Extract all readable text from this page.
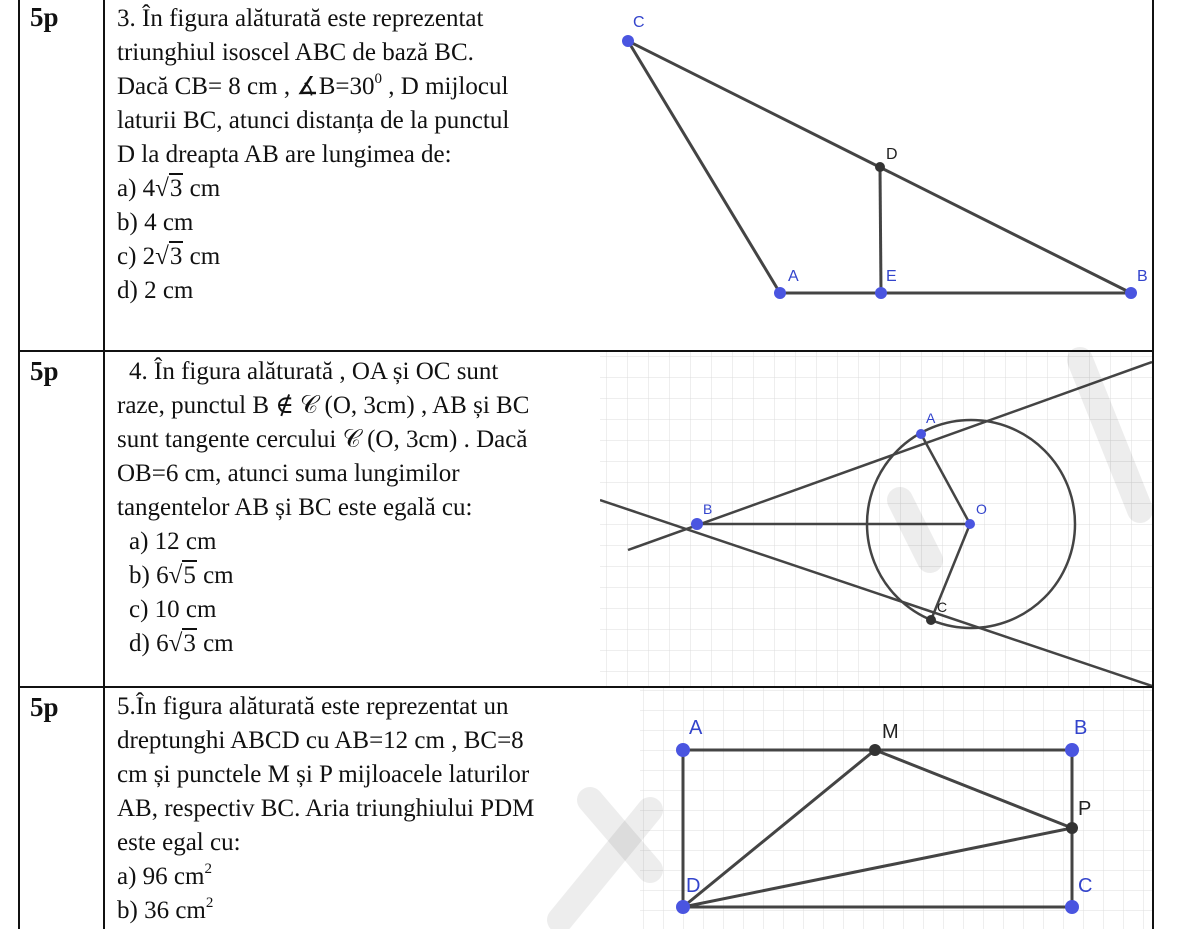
5p 3. În figura alăturată este reprezentat
triunghiul isoscel ABC de bază BC.
Dacă CB= 8 cm , $∡B=30^0$ , D mijlocul
laturii BC, atunci distanța de la punctul
D la dreapta AB are lungimea de:
a) 4√3 cm
b) 4 cm
c) 2√3 cm
d) 2 cm
C
A	E	B
D
5p	4. În figura alăturată , OA și OC sunt
raze, punctul B ∉ 𝒞 (O, 3cm) , AB și BC
sunt tangente cercului 𝒞 (O, 3cm) . Dacă
OB=6 cm, atunci suma lungimilor
tangentelor AB și BC este egală cu:
a) 12 cm
b) 6√5 cm
c) 10 cm
d) 6√3 cm
A
B	O
C
5p 5.În figura alăturată este reprezentat un
dreptunghi ABCD cu AB=12 cm , BC=8
cm și punctele M și P mijloacele laturilor
AB, respectiv BC. Aria triunghiului PDM
este egal cu:
a) 96 $cm^2$
b) 36 $cm^2$
A	B
C
D
M
P
